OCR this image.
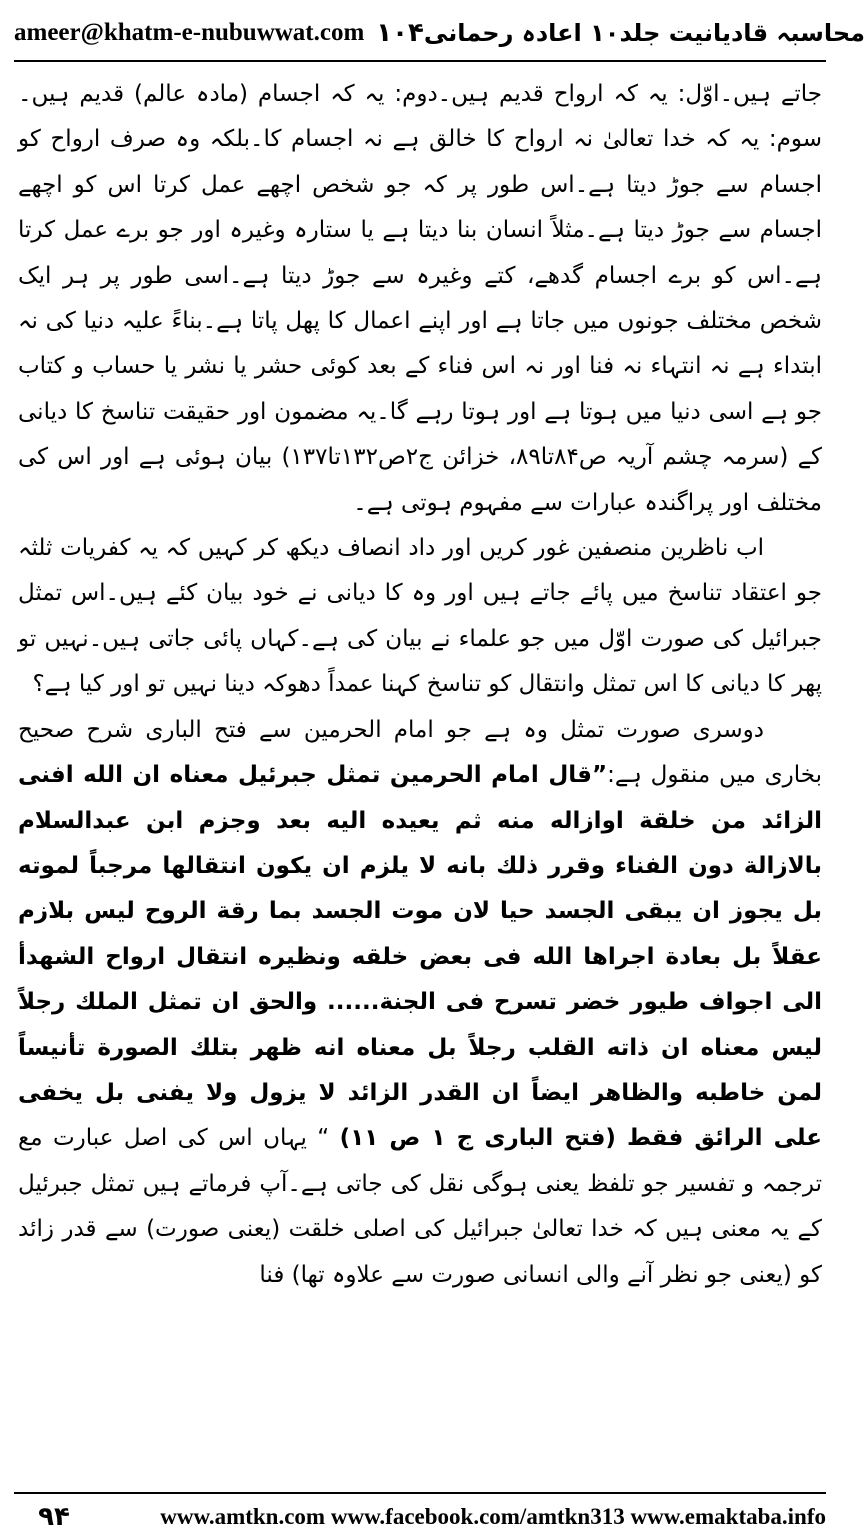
ameer@khatm-e-nubuwwat.com ۱۰۴ محاسبہ قادیانیت جلد۱۰ اعادہ رحمانی

جاتے ہیں۔اوّل: یہ کہ ارواح قدیم ہیں۔دوم: یہ کہ اجسام (مادہ عالم) قدیم ہیں۔سوم: یہ کہ خدا تعالیٰ نہ ارواح کا خالق ہے نہ اجسام کا۔بلکہ وہ صرف ارواح کو اجسام سے جوڑ دیتا ہے۔اس طور پر کہ جو شخص اچھے عمل کرتا اس کو اچھے اجسام سے جوڑ دیتا ہے۔مثلاً انسان بنا دیتا ہے یا ستارہ وغیرہ اور جو برے عمل کرتا ہے۔اس کو برے اجسام گدھے، کتے وغیرہ سے جوڑ دیتا ہے۔اسی طور پر ہر ایک شخص مختلف جونوں میں جاتا ہے اور اپنے اعمال کا پھل پاتا ہے۔بناءً علیہ دنیا کی نہ ابتداء ہے نہ انتہاء نہ فنا اور نہ اس فناء کے بعد کوئی حشر یا نشر یا حساب و کتاب جو ہے اسی دنیا میں ہوتا ہے اور ہوتا رہے گا۔یہ مضمون اور حقیقت تناسخ کا دیانی کے (سرمہ چشم آریہ ص۸۴تا۸۹، خزائن ج۲ص۱۳۲تا۱۳۷) بیان ہوئی ہے اور اس کی مختلف اور پراگندہ عبارات سے مفہوم ہوتی ہے۔

اب ناظرین منصفین غور کریں اور داد انصاف دیکھ کر کہیں کہ یہ کفریات ثلثہ جو اعتقاد تناسخ میں پائے جاتے ہیں اور وہ کا دیانی نے خود بیان کئے ہیں۔اس تمثل جبرائیل کی صورت اوّل میں جو علماء نے بیان کی ہے۔کہاں پائی جاتی ہیں۔نہیں تو پھر کا دیانی کا اس تمثل وانتقال کو تناسخ کہنا عمداً دھوکہ دینا نہیں تو اور کیا ہے؟

دوسری صورت تمثل وہ ہے جو امام الحرمین سے فتح الباری شرح صحیح بخاری میں منقول ہے:”قال امام الحرمين تمثل جبرئيل معناه ان الله افنى الزائد من خلقة اوازاله منه ثم يعيده اليه بعد وجزم ابن عبدالسلام بالازالة دون الفناء وقرر ذلك بانه لا يلزم ان يكون انتقالها مرجباً لموته بل يجوز ان يبقى الجسد حيا لان موت الجسد بما رقة الروح ليس بلازم عقلاً بل بعادة اجراها الله فى بعض خلقه ونظيره انتقال ارواح الشهدأ الى اجواف طيور خضر تسرح فى الجنة...... والحق ان تمثل الملك رجلاً ليس معناه ان ذاته القلب رجلاً بل معناه انه ظهر بتلك الصورة تأنيساً لمن خاطبه والظاهر ايضاً ان القدر الزائد لا يزول ولا يفنى بل يخفى على الرائق فقط (فتح البارى ج ۱ ص ۱۱) “ یہاں اس کی اصل عبارت مع ترجمہ و تفسیر جو تلفظ یعنی ہوگی نقل کی جاتی ہے۔آپ فرماتے ہیں تمثل جبرئیل کے یہ معنی ہیں کہ خدا تعالیٰ جبرائیل کی اصلی خلقت (یعنی صورت) سے قدر زائد کو (یعنی جو نظر آنے والی انسانی صورت سے علاوہ تھا) فنا

۹۴	www.amtkn.com www.facebook.com/amtkn313 www.emaktaba.info
